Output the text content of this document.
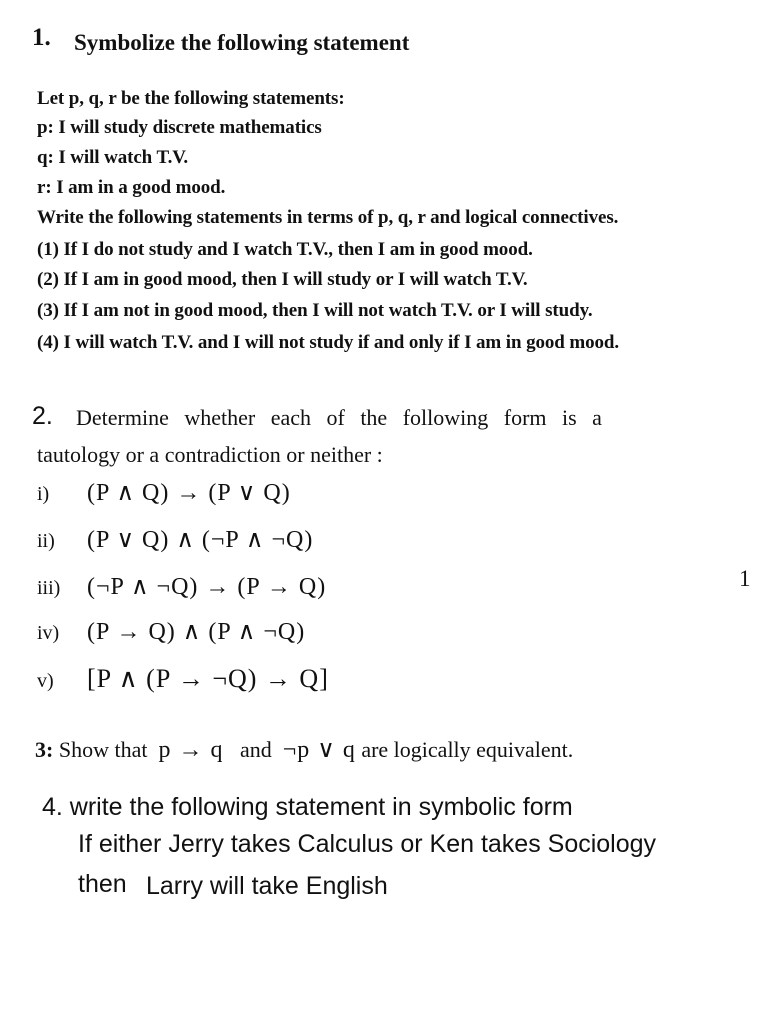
1. Symbolize the following statement
Let p, q, r be the following statements:
p: I will study discrete mathematics
q: I will watch T.V.
r: I am in a good mood.
Write the following statements in terms of p, q, r and logical connectives.
(1) If I do not study and I watch T.V., then I am in good mood.
(2) If I am in good mood, then I will study or I will watch T.V.
(3) If I am not in good mood, then I will not watch T.V. or I will study.
(4) I will watch T.V. and I will not study if and only if I am in good mood.
2. Determine whether each of the following form is a
tautology or a contradiction or neither :
i) (P ∧ Q) → (P ∨ Q)
ii) (P ∨ Q) ∧ (¬P ∧ ¬Q)
iii) (¬P ∧ ¬Q) → (P → Q)
iv) (P → Q) ∧ (P ∧ ¬Q)
v) [P ∧ (P → ¬Q) → Q]
1
3: Show that p → q and ¬p ∨ q are logically equivalent.
4. write the following statement in symbolic form
If either Jerry takes Calculus or Ken takes Sociology
then Larry will take English
